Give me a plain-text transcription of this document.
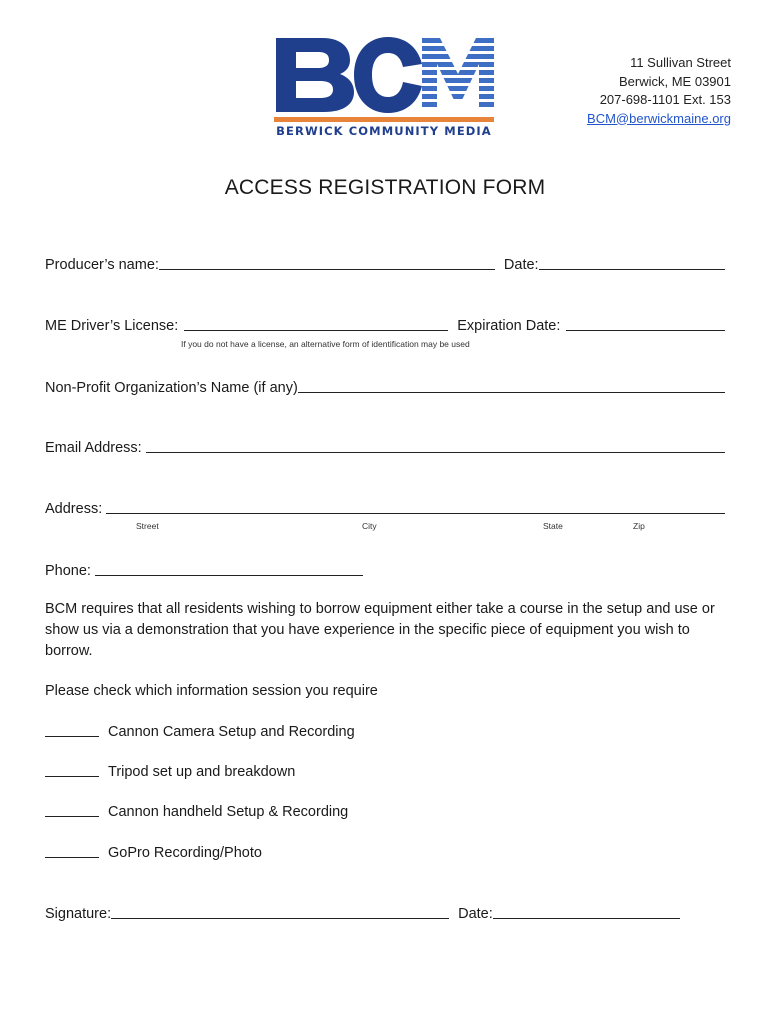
BERWICK COMMUNITY MEDIA
11 Sullivan Street
Berwick, ME 03901
207-698-1101 Ext. 153
BCM@berwickmaine.org
ACCESS REGISTRATION FORM
Producer’s name:	Date:
ME Driver’s License:	Expiration Date:
If you do not have a license, an alternative form of identification may be used
Non-Profit Organization’s Name (if any)
Email Address:
Address:
Street	City	State	Zip
Phone:
BCM requires that all residents wishing to borrow equipment either take a course in the setup and use or show us via a demonstration that you have experience in the specific piece of equipment you wish to borrow.
Please check which information session you require
Cannon Camera Setup and Recording
Tripod set up and breakdown
Cannon handheld Setup & Recording
GoPro Recording/Photo
Signature:	Date:
